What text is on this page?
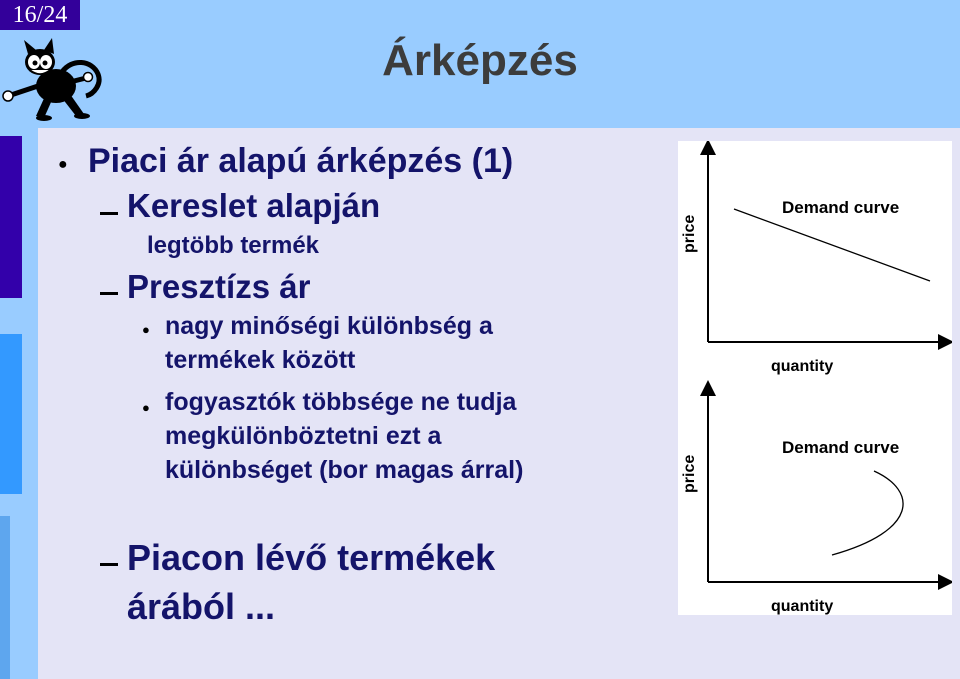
16/24
Árképzés
● Piaci ár alapú árképzés (1)
Kereslet alapján
legtöbb termék
Presztízs ár
● nagy minőségi különbség a
termékek között
● fogyasztók többsége ne tudja
megkülönböztetni ezt a
különbséget (bor magas árral)
Piacon lévő termékek
árából ...
price
quantity
Demand curve
price
quantity
Demand curve
